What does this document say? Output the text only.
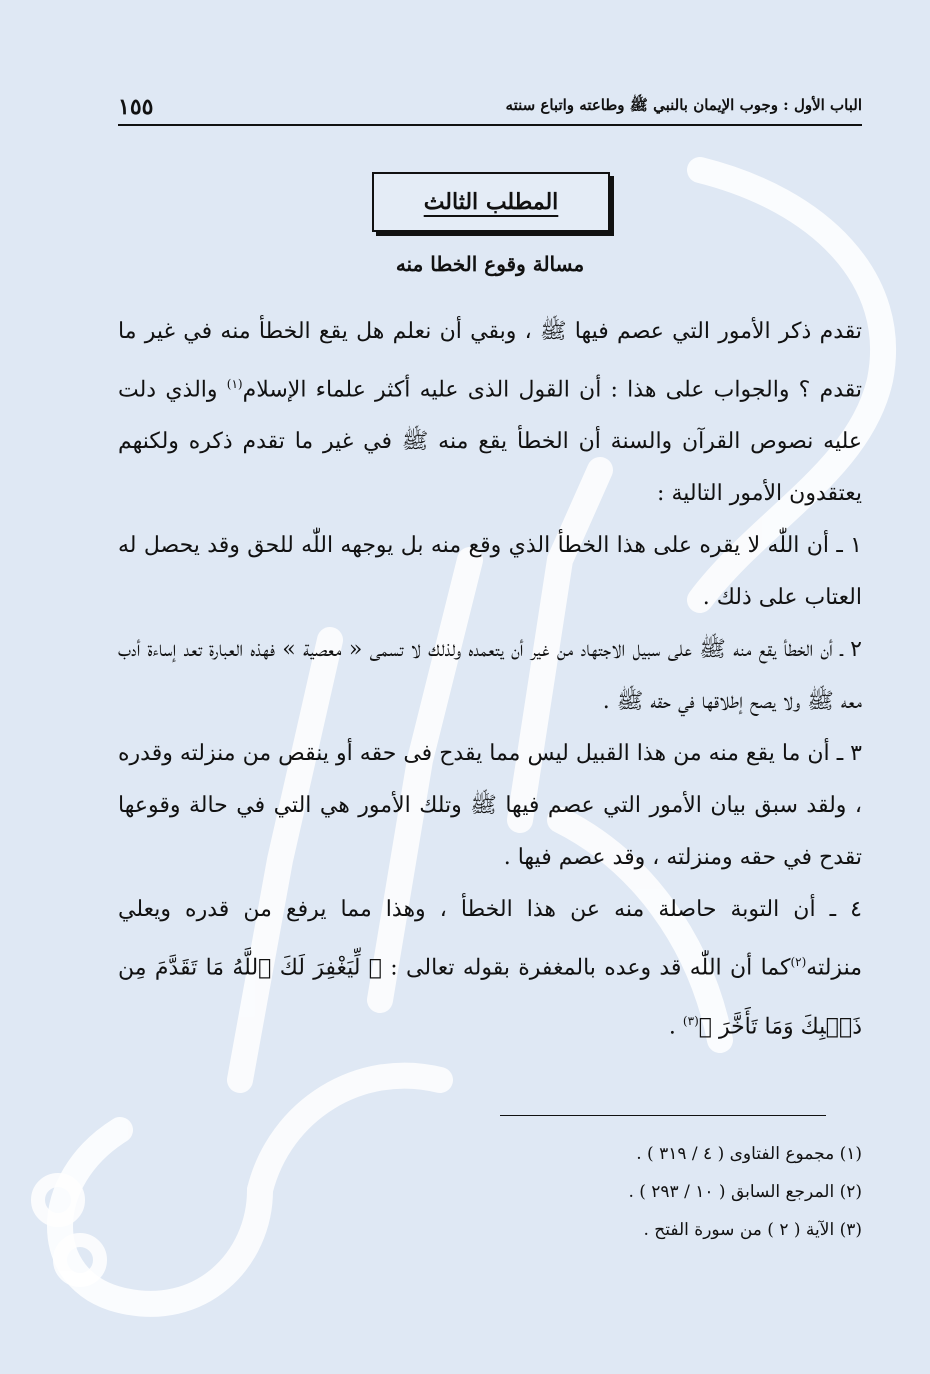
الباب الأول : وجوب الإيمان بالنبي ﷺ وطاعته واتباع سنته
١٥٥
المطلب الثالث
مسالة وقوع الخطا منه

تقدم ذكر الأمور التي عصم فيها ﷺ ، وبقي أن نعلم هل يقع الخطأ منه في غير ما تقدم ؟ والجواب على هذا : أن القول الذى عليه أكثر علماء الإسلام$^{(١)}$ والذي دلت عليه نصوص القرآن والسنة أن الخطأ يقع منه ﷺ في غير ما تقدم ذكره ولكنهم يعتقدون الأمور التالية :

١ ـ أن اللّٰه لا يقره على هذا الخطأ الذي وقع منه بل يوجهه اللّٰه للحق وقد يحصل له العتاب على ذلك .

٢ ـ أن الخطأ يقع منه ﷺ على سبيل الاجتهاد من غير أن يتعمده ولذلك لا تسمى « معصية » فهذه العبارة تعد إساءة أدب معه ﷺ ولا يصح إطلاقها في حقه ﷺ .

٣ ـ أن ما يقع منه من هذا القبيل ليس مما يقدح فى حقه أو ينقص من منزلته وقدره ، ولقد سبق بيان الأمور التي عصم فيها ﷺ وتلك الأمور هي التي في حالة وقوعها تقدح في حقه ومنزلته ، وقد عصم فيها .

٤ ـ أن التوبة حاصلة منه عن هذا الخطأ ، وهذا مما يرفع من قدره ويعلي منزلته$^{(٢)}$كما أن اللّٰه قد وعده بالمغفرة بقوله تعالى : ﴿ لِّيَغْفِرَ لَكَ ٱللَّهُ مَا تَقَدَّمَ مِن ذَنۢبِكَ وَمَا تَأَخَّرَ ﴾$^{(٣)}$ .

(١) مجموع الفتاوى ( ٤ / ٣١٩ ) .
(٢) المرجع السابق ( ١٠ / ٢٩٣ ) .
(٣) الآية ( ٢ ) من سورة الفتح .
